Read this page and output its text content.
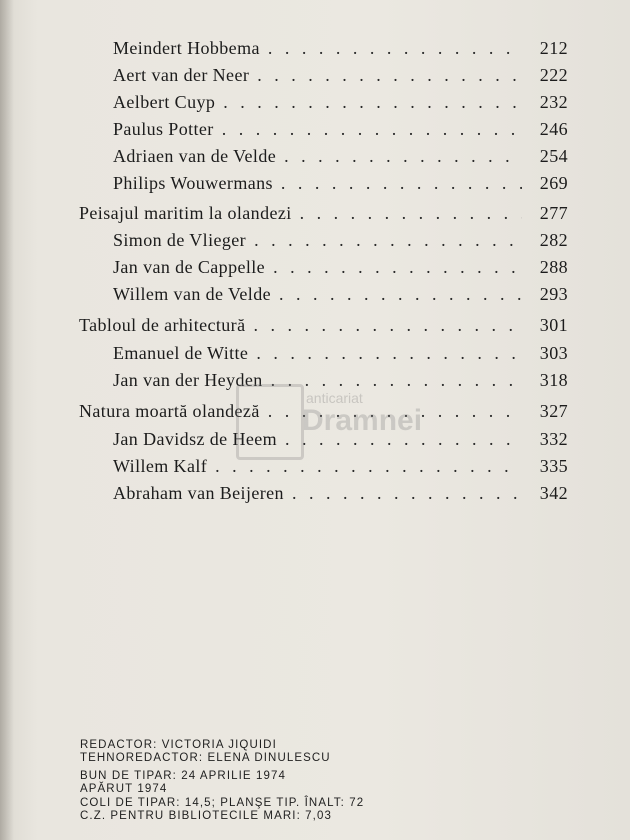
Meindert Hobbema . . .	212
Aert van der Neer . . .	222
Aelbert Cuyp . . .	232
Paulus Potter . . .	246
Adriaen van de Velde . . .	254
Philips Wouwermans . . .	269
Peisajul maritim la olandezi . . .	277
Simon de Vlieger . . .	282
Jan van de Cappelle . . .	288
Willem van de Velde . . .	293
Tabloul de arhitectură . . .	301
Emanuel de Witte . . .	303
Jan van der Heyden . . .	318
Natura moartă olandeză . . .	327
Jan Davidsz de Heem . . .	332
Willem Kalf . . .	335
Abraham van Beijeren . . .	342
anticariat
Dramnei
REDACTOR: VICTORIA JIQUIDI
TEHNOREDACTOR: ELENA DINULESCU
BUN DE TIPAR: 24 APRILIE 1974
APĂRUT 1974
COLI DE TIPAR: 14,5; PLANŞE TIP. ÎNALT: 72
C.Z. PENTRU BIBLIOTECILE MARI: 7,03
